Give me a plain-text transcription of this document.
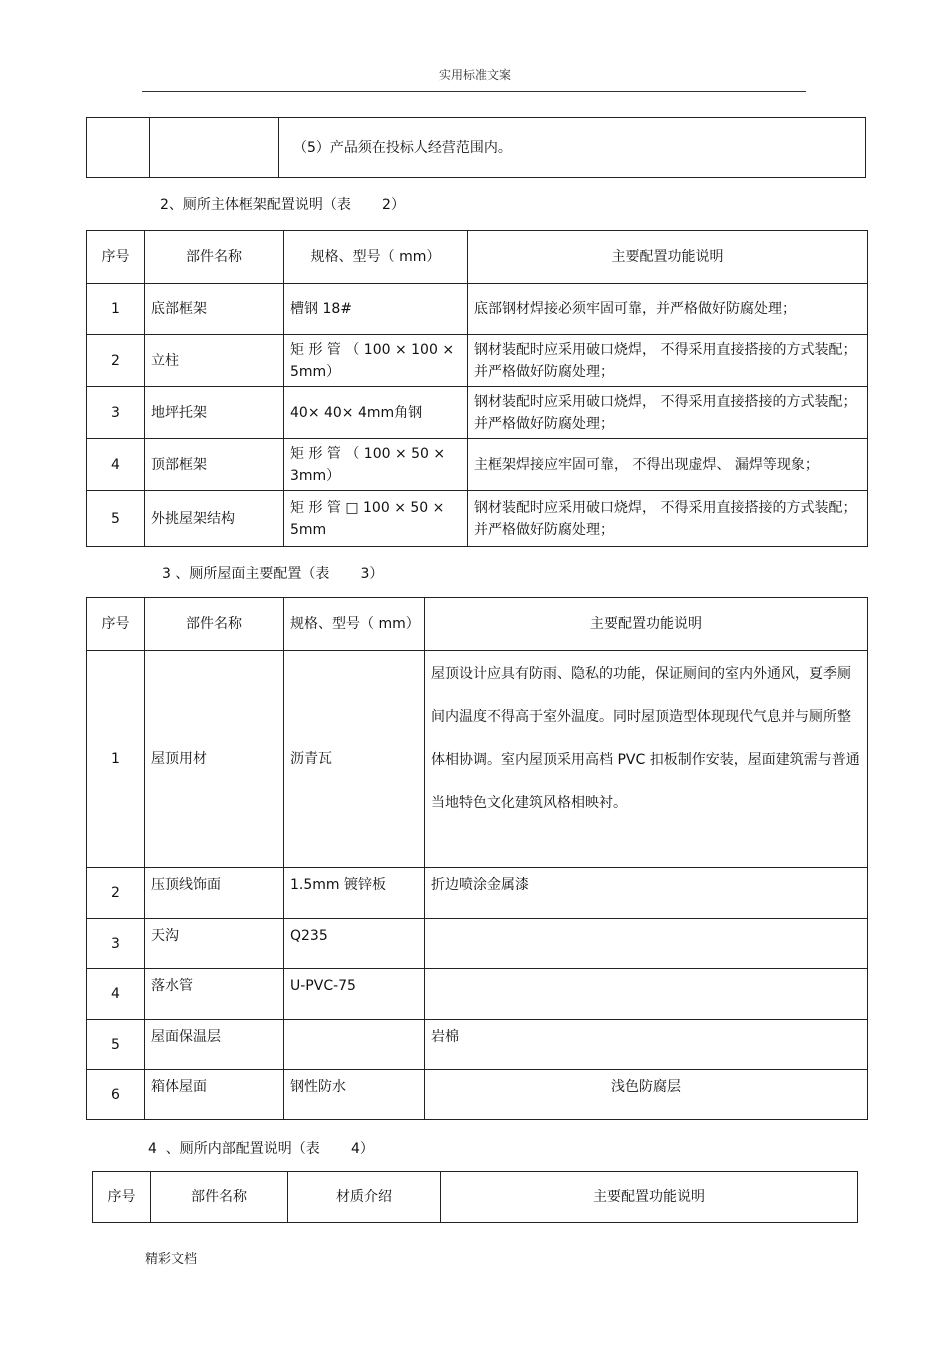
实用标准文案
		（5）产品须在投标人经营范围内。
2、厕所主体框架配置说明（表       2）
序号	部件名称	规格、型号（ mm）	主要配置功能说明
1	底部框架	槽钢 18#	底部钢材焊接必须牢固可靠，并严格做好防腐处理；
2	立柱	矩 形 管 （ 100 × 100 × 5mm）	钢材装配时应采用破口烧焊， 不得采用直接搭接的方式装配；并严格做好防腐处理；
3	地坪托架	40× 40× 4mm角钢	钢材装配时应采用破口烧焊， 不得采用直接搭接的方式装配；并严格做好防腐处理；
4	顶部框架	矩 形 管 （ 100 × 50 × 3mm）	主框架焊接应牢固可靠， 不得出现虚焊、 漏焊等现象；
5	外挑屋架结构	矩 形 管 □ 100 × 50 × 5mm	钢材装配时应采用破口烧焊， 不得采用直接搭接的方式装配；并严格做好防腐处理；
3 、厕所屋面主要配置（表       3）
序号	部件名称	规格、型号（ mm）	主要配置功能说明
1	屋顶用材	沥青瓦	屋顶设计应具有防雨、隐私的功能，保证厕间的室内外通风，夏季厕间内温度不得高于室外温度。同时屋顶造型体现现代气息并与厕所整体相协调。室内屋顶采用高档 PVC 扣板制作安装，屋面建筑需与普通当地特色文化建筑风格相映衬。
2	压顶线饰面	1.5mm 镀锌板	折边喷涂金属漆
3	天沟	Q235	
4	落水管	U-PVC-75	
5	屋面保温层		岩棉
6	箱体屋面	钢性防水	浅色防腐层
4  、厕所内部配置说明（表       4）
序号	部件名称	材质介绍	主要配置功能说明
精彩文档
